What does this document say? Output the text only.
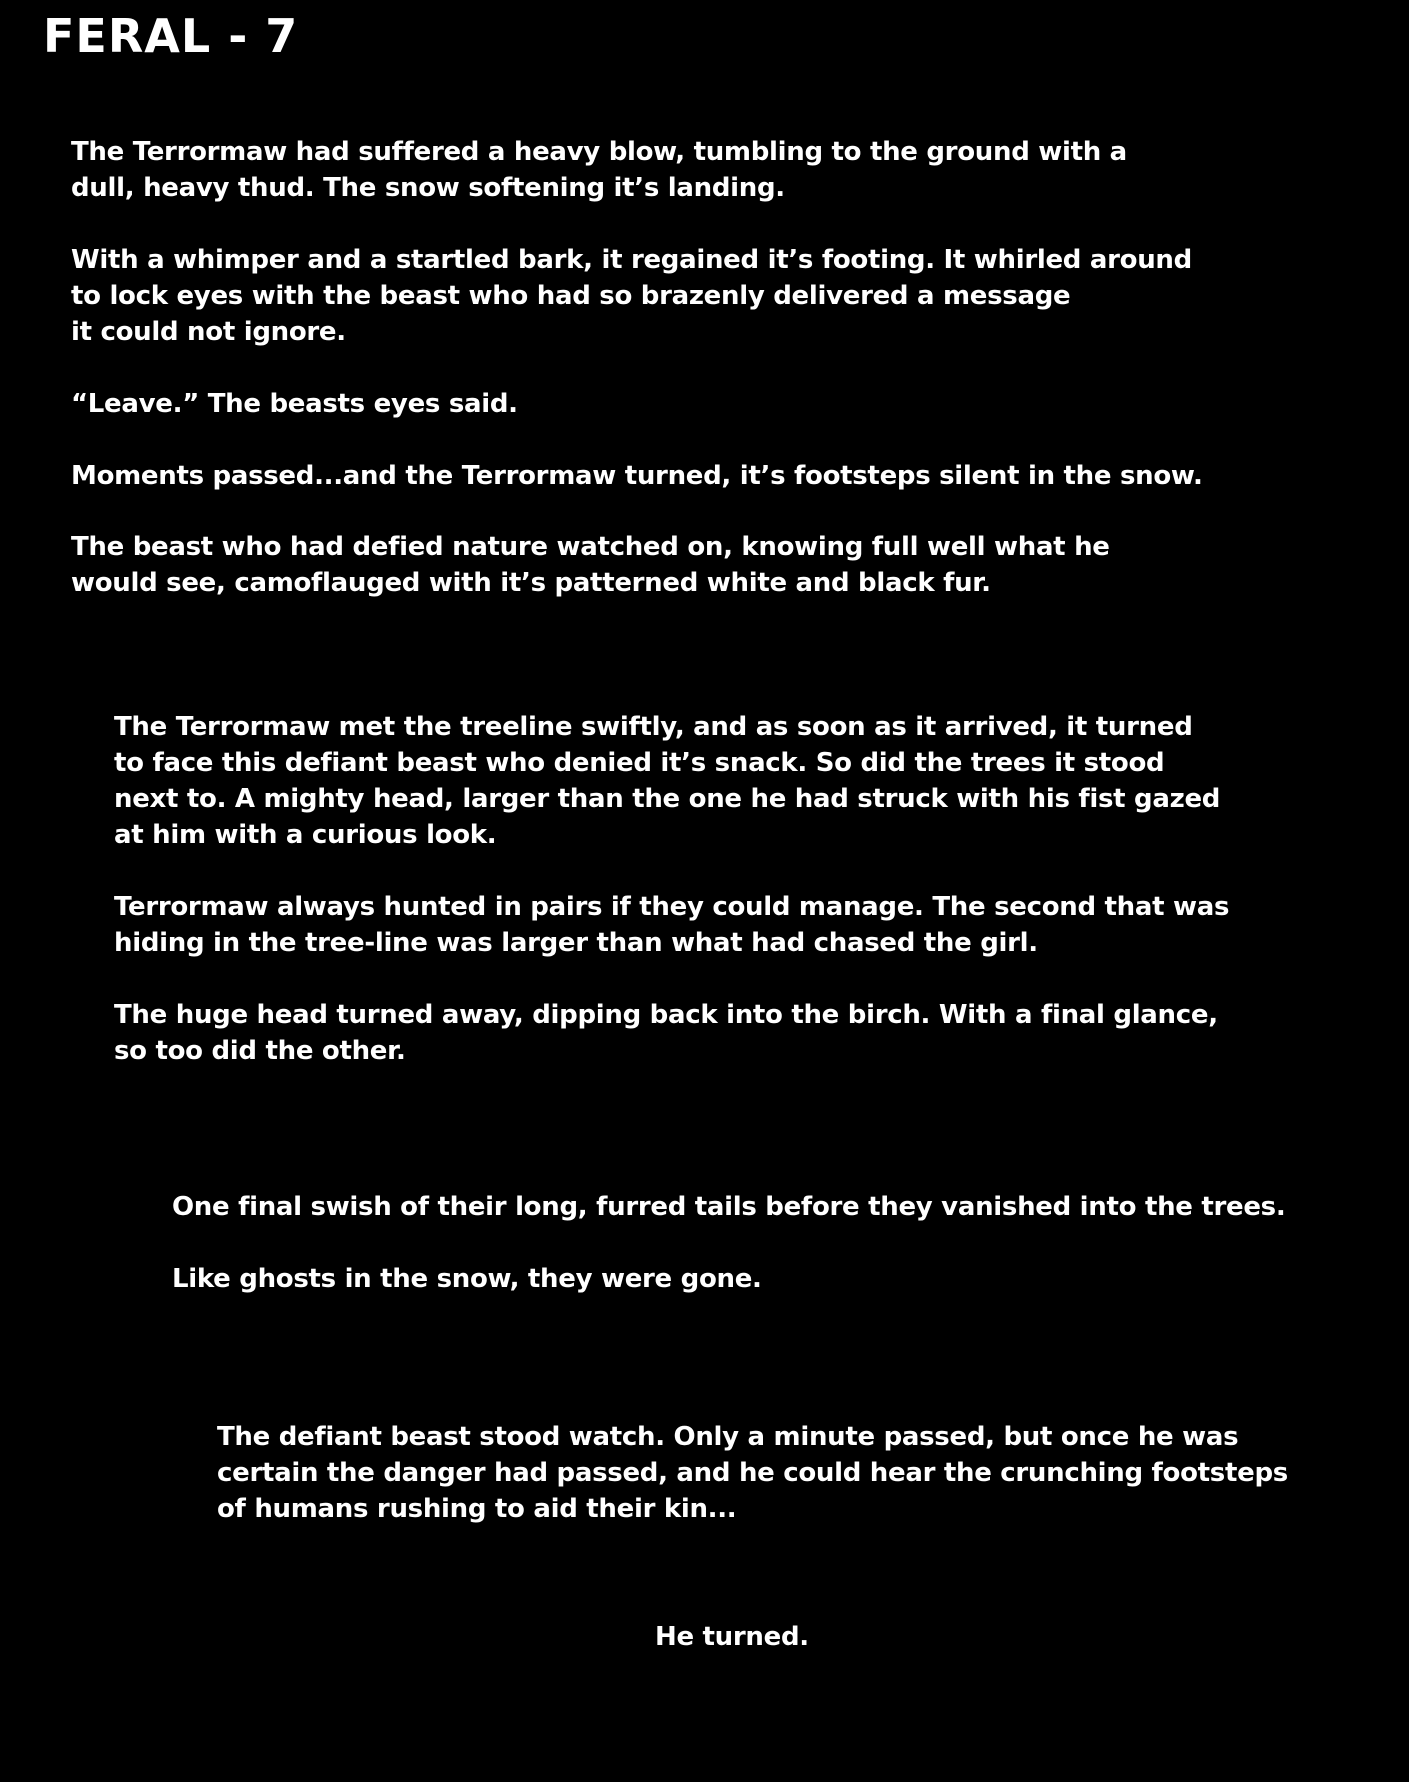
FERAL - 7
The Terrormaw had suffered a heavy blow, tumbling to the ground with a
dull, heavy thud. The snow softening it’s landing.
With a whimper and a startled bark, it regained it’s footing. It whirled around
to lock eyes with the beast who had so brazenly delivered a message
it could not ignore.
“Leave.” The beasts eyes said.
Moments passed...and the Terrormaw turned, it’s footsteps silent in the snow.
The beast who had defied nature watched on, knowing full well what he
would see, camoflauged with it’s patterned white and black fur.
The Terrormaw met the treeline swiftly, and as soon as it arrived, it turned
to face this defiant beast who denied it’s snack. So did the trees it stood
next to. A mighty head, larger than the one he had struck with his fist gazed
at him with a curious look.
Terrormaw always hunted in pairs if they could manage. The second that was
hiding in the tree-line was larger than what had chased the girl.
The huge head turned away, dipping back into the birch. With a final glance,
so too did the other.
One final swish of their long, furred tails before they vanished into the trees.
Like ghosts in the snow, they were gone.
The defiant beast stood watch. Only a minute passed, but once he was
certain the danger had passed, and he could hear the crunching footsteps
of humans rushing to aid their kin...
He turned.
